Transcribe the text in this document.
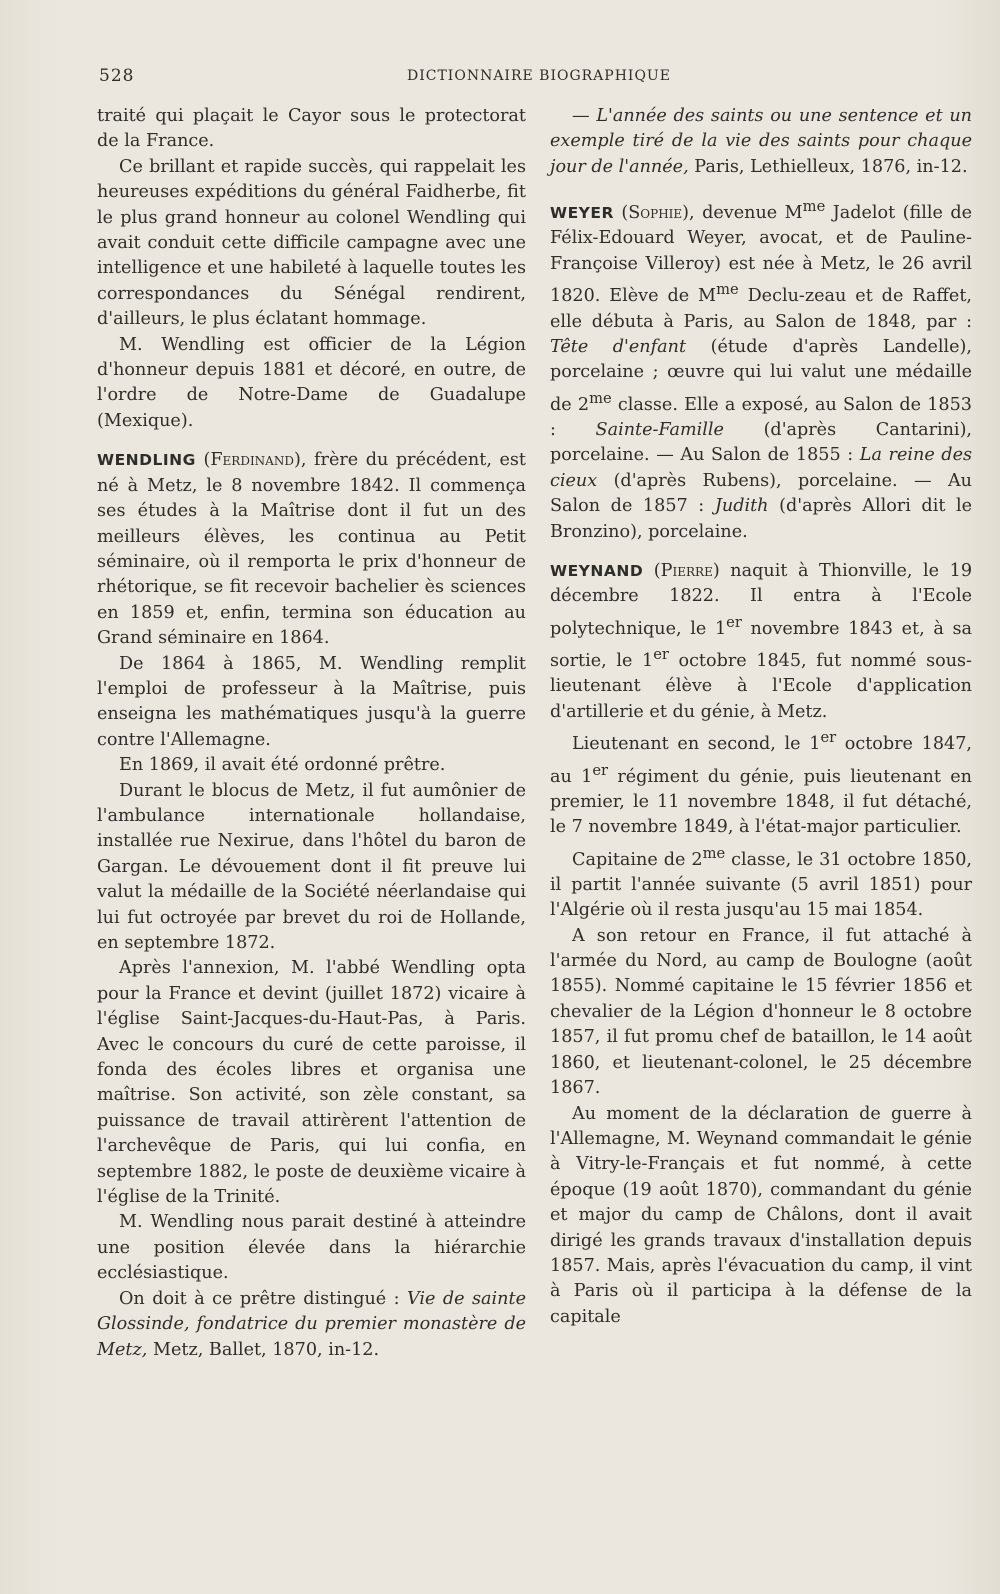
528	DICTIONNAIRE BIOGRAPHIQUE

traité qui plaçait le Cayor sous le protectorat de la France.

Ce brillant et rapide succès, qui rappelait les heureuses expéditions du général Faidherbe, fit le plus grand honneur au colonel Wendling qui avait conduit cette difficile campagne avec une intelligence et une habileté à laquelle toutes les correspondances du Sénégal rendirent, d'ailleurs, le plus éclatant hommage.

M. Wendling est officier de la Légion d'honneur depuis 1881 et décoré, en outre, de l'ordre de Notre-Dame de Guadalupe (Mexique).

WENDLING (Ferdinand), frère du précédent, est né à Metz, le 8 novembre 1842. Il commença ses études à la Maîtrise dont il fut un des meilleurs élèves, les continua au Petit séminaire, où il remporta le prix d'honneur de rhétorique, se fit recevoir bachelier ès sciences en 1859 et, enfin, termina son éducation au Grand séminaire en 1864.

De 1864 à 1865, M. Wendling remplit l'emploi de professeur à la Maîtrise, puis enseigna les mathématiques jusqu'à la guerre contre l'Allemagne.

En 1869, il avait été ordonné prêtre.

Durant le blocus de Metz, il fut aumônier de l'ambulance internationale hollandaise, installée rue Nexirue, dans l'hôtel du baron de Gargan. Le dévouement dont il fit preuve lui valut la médaille de la Société néerlandaise qui lui fut octroyée par brevet du roi de Hollande, en septembre 1872.

Après l'annexion, M. l'abbé Wendling opta pour la France et devint (juillet 1872) vicaire à l'église Saint-Jacques-du-Haut-Pas, à Paris. Avec le concours du curé de cette paroisse, il fonda des écoles libres et organisa une maîtrise. Son activité, son zèle constant, sa puissance de travail attirèrent l'attention de l'archevêque de Paris, qui lui confia, en septembre 1882, le poste de deuxième vicaire à l'église de la Trinité.

M. Wendling nous parait destiné à atteindre une position élevée dans la hiérarchie ecclésiastique.

On doit à ce prêtre distingué : Vie de sainte Glossinde, fondatrice du premier monastère de Metz, Metz, Ballet, 1870, in-12.

— L'année des saints ou une sentence et un exemple tiré de la vie des saints pour chaque jour de l'année, Paris, Lethielleux, 1876, in-12.

WEYER (Sophie), devenue $M^{me}$ Jadelot (fille de Félix-Edouard Weyer, avocat, et de Pauline-Françoise Villeroy) est née à Metz, le 26 avril 1820. Elève de $M^{me}$ Declu-zeau et de Raffet, elle débuta à Paris, au Salon de 1848, par : Tête d'enfant (étude d'après Landelle), porcelaine ; œuvre qui lui valut une médaille de $2^{me}$ classe. Elle a exposé, au Salon de 1853 : Sainte-Famille (d'après Cantarini), porcelaine. — Au Salon de 1855 : La reine des cieux (d'après Rubens), porcelaine. — Au Salon de 1857 : Judith (d'après Allori dit le Bronzino), porcelaine.

WEYNAND (Pierre) naquit à Thionville, le 19 décembre 1822. Il entra à l'Ecole polytechnique, le 1er novembre 1843 et, à sa sortie, le 1er octobre 1845, fut nommé sous-lieutenant élève à l'Ecole d'application d'artillerie et du génie, à Metz.

Lieutenant en second, le 1er octobre 1847, au 1er régiment du génie, puis lieutenant en premier, le 11 novembre 1848, il fut détaché, le 7 novembre 1849, à l'état-major particulier.

Capitaine de $2^{me}$ classe, le 31 octobre 1850, il partit l'année suivante (5 avril 1851) pour l'Algérie où il resta jusqu'au 15 mai 1854.

A son retour en France, il fut attaché à l'armée du Nord, au camp de Boulogne (août 1855). Nommé capitaine le 15 février 1856 et chevalier de la Légion d'honneur le 8 octobre 1857, il fut promu chef de bataillon, le 14 août 1860, et lieutenant-colonel, le 25 décembre 1867.

Au moment de la déclaration de guerre à l'Allemagne, M. Weynand commandait le génie à Vitry-le-Français et fut nommé, à cette époque (19 août 1870), commandant du génie et major du camp de Châlons, dont il avait dirigé les grands travaux d'installation depuis 1857. Mais, après l'évacuation du camp, il vint à Paris où il participa à la défense de la capitale
